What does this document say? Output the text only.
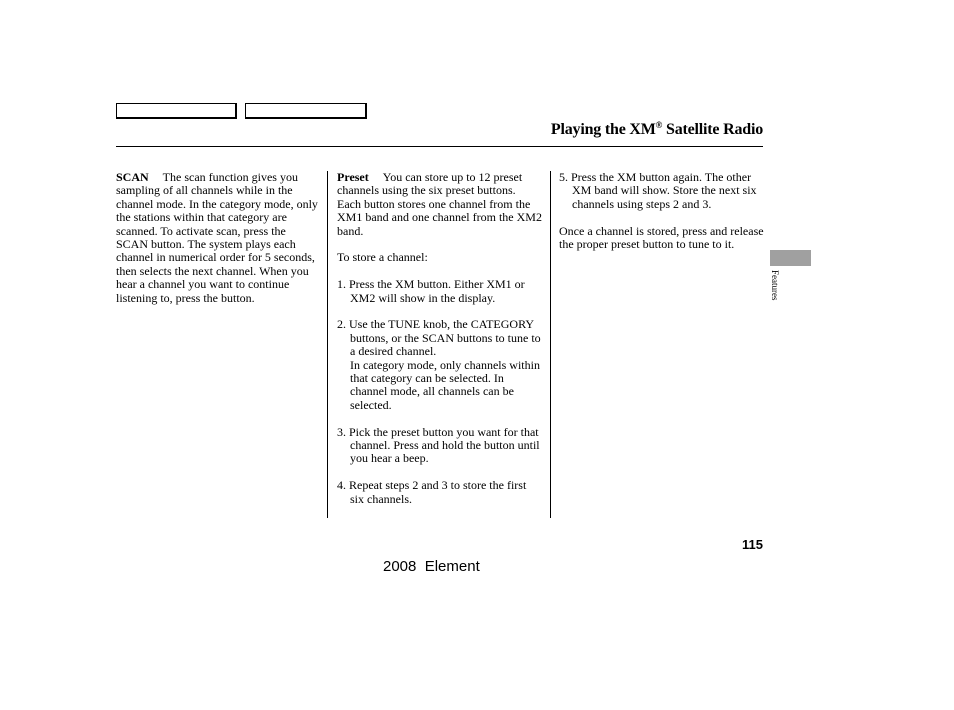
Playing the XM® Satellite Radio

SCAN The scan function gives you sampling of all channels while in the channel mode. In the category mode, only the stations within that category are scanned. To activate scan, press the SCAN button. The system plays each channel in numerical order for 5 seconds, then selects the next channel. When you hear a channel you want to continue listening to, press the button.

Preset You can store up to 12 preset channels using the six preset buttons. Each button stores one channel from the XM1 band and one channel from the XM2 band.

To store a channel:

1. Press the XM button. Either XM1 or XM2 will show in the display.
2. Use the TUNE knob, the CATEGORY buttons, or the SCAN buttons to tune to a desired channel.
In category mode, only channels within that category can be selected. In channel mode, all channels can be selected.
3. Pick the preset button you want for that channel. Press and hold the button until you hear a beep.
4. Repeat steps 2 and 3 to store the first six channels.
5. Press the XM button again. The other XM band will show. Store the next six channels using steps 2 and 3.

Once a channel is stored, press and release the proper preset button to tune to it.

Features
115
2008  Element
